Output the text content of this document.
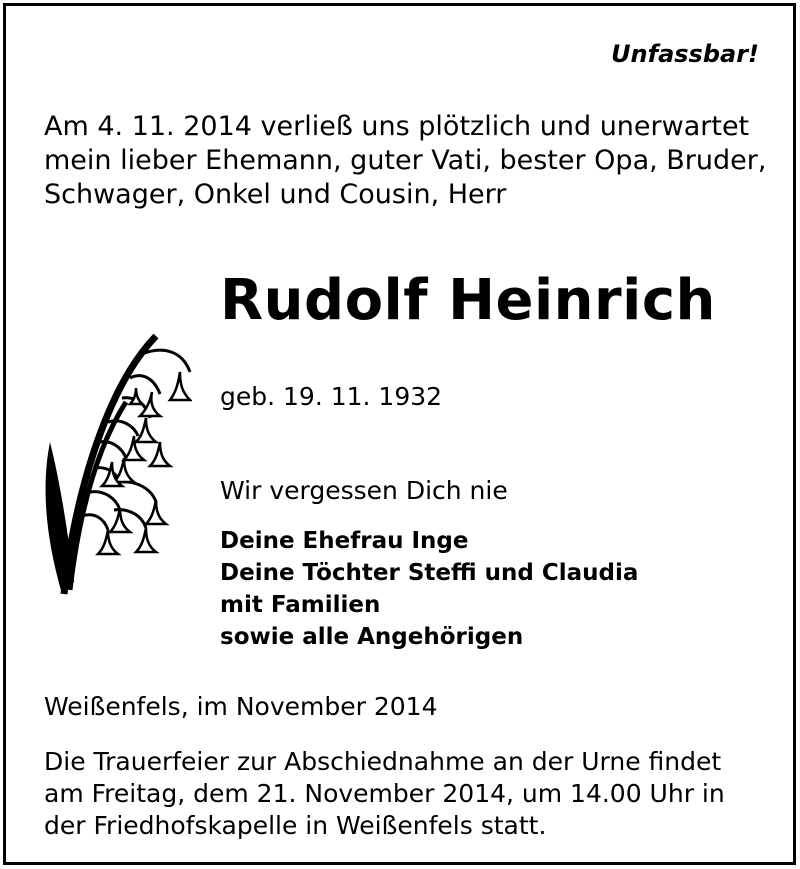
Unfassbar!
Am 4. 11. 2014 verließ uns plötzlich und unerwartet
mein lieber Ehemann, guter Vati, bester Opa, Bruder,
Schwager, Onkel und Cousin, Herr
Rudolf Heinrich
geb. 19. 11. 1932
Wir vergessen Dich nie
Deine Ehefrau Inge
Deine Töchter Steffi und Claudia
mit Familien
sowie alle Angehörigen
Weißenfels, im November 2014
Die Trauerfeier zur Abschiednahme an der Urne findet
am Freitag, dem 21. November 2014, um 14.00 Uhr in
der Friedhofskapelle in Weißenfels statt.
